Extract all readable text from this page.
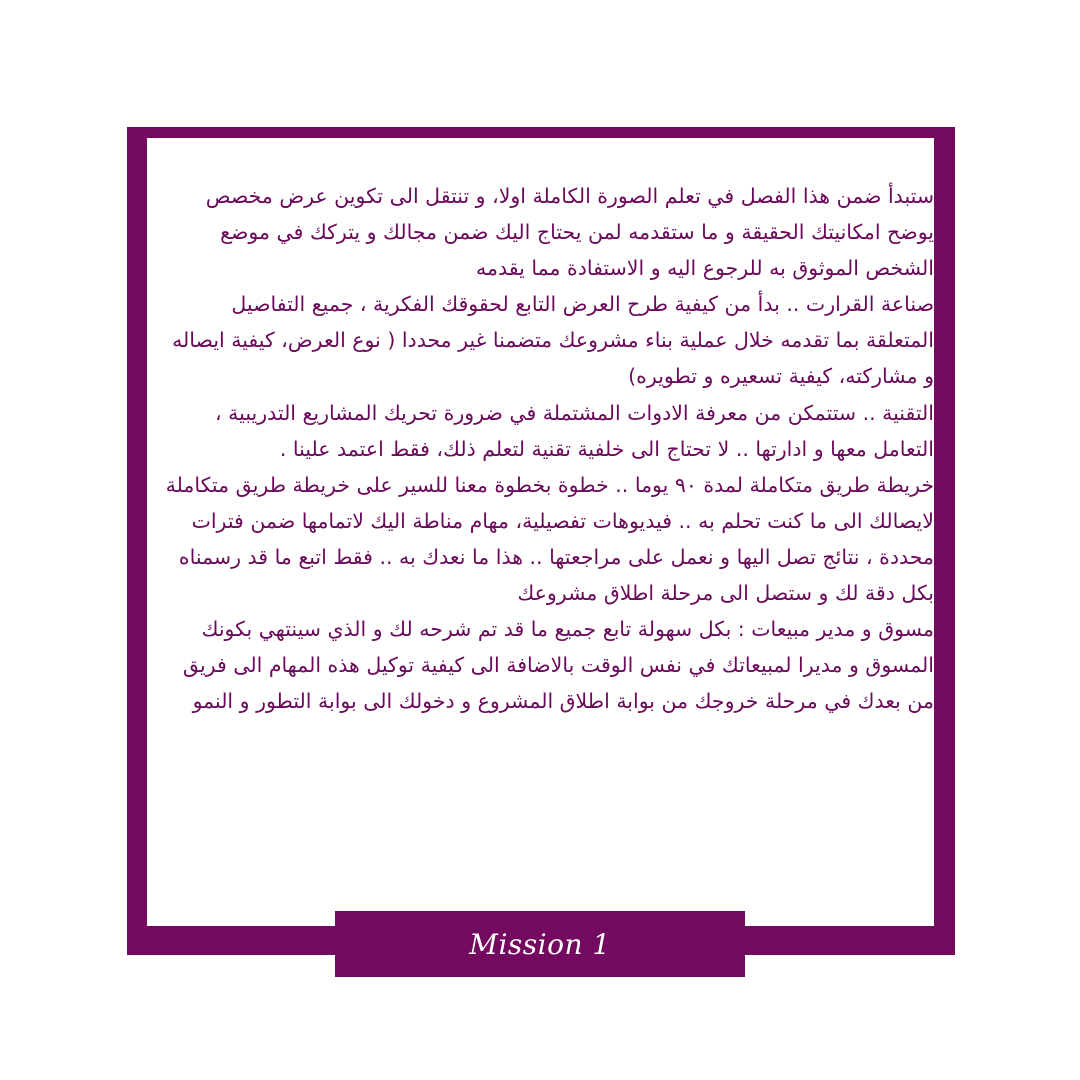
ستبدأ ضمن هذا الفصل في تعلم الصورة الكاملة اولا، و تنتقل الى تكوين عرض مخصص يوضح امكانيتك الحقيقة و ما ستقدمه لمن يحتاج اليك ضمن مجالك و يتركك في موضع الشخص الموثوق به للرجوع اليه و الاستفادة مما يقدمه

صناعة القرارت .. بدأ من كيفية طرح العرض التابع لحقوقك الفكرية ، جميع التفاصيل المتعلقة بما تقدمه خلال عملية بناء مشروعك متضمنا غير محددا ( نوع العرض، كيفية ايصاله و مشاركته، كيفية تسعيره و تطويره)

التقنية .. ستتمكن من معرفة الادوات المشتملة في ضرورة تحريك المشاريع التدريبية ، التعامل معها و ادارتها .. لا تحتاج الى خلفية تقنية لتعلم ذلك، فقط اعتمد علينا .

خريطة طريق متكاملة لمدة ٩٠ يوما .. خطوة بخطوة معنا للسير على خريطة طريق متكاملة لايصالك الى ما كنت تحلم به .. فيديوهات تفصيلية، مهام مناطة اليك لاتمامها ضمن فترات محددة ، نتائج تصل اليها و نعمل على مراجعتها .. هذا ما نعدك به .. فقط اتبع ما قد رسمناه بكل دقة لك و ستصل الى مرحلة اطلاق مشروعك

مسوق و مدير مبيعات : بكل سهولة تابع جميع ما قد تم شرحه لك و الذي سينتهي بكونك المسوق و مديرا لمبيعاتك في نفس الوقت بالاضافة الى كيفية توكيل هذه المهام الى فريق من بعدك في مرحلة خروجك من بوابة اطلاق المشروع و دخولك الى بوابة التطور و النمو

Mission 1
